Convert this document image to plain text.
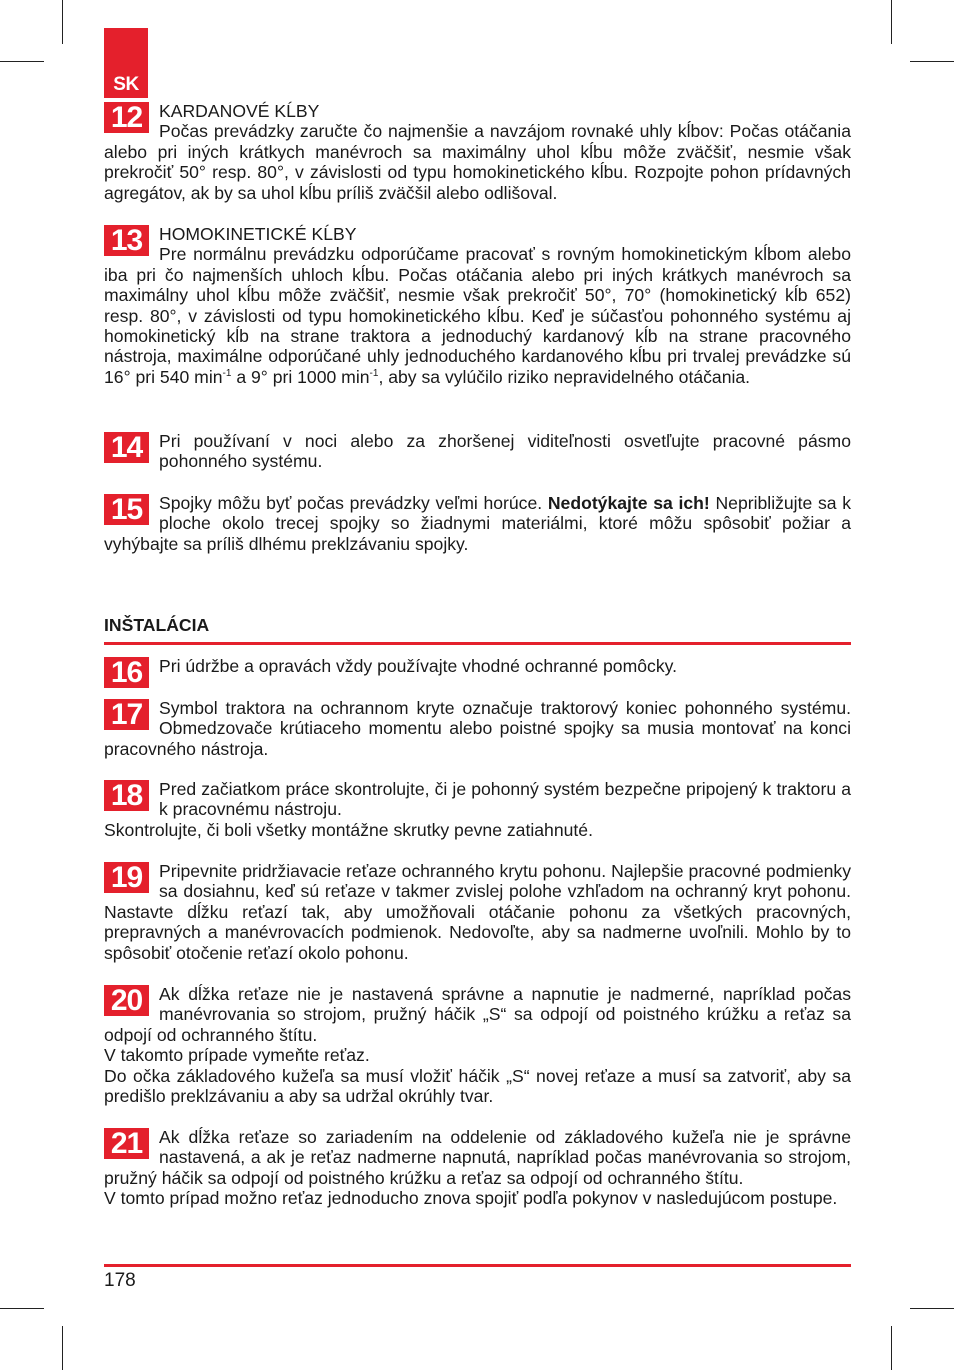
SK
12 KARDANOVÉ KĹBY

Počas prevádzky zaručte čo najmenšie a navzájom rovnaké uhly kĺbov: Počas otáčania alebo pri iných krátkych manévroch sa maximálny uhol kĺbu môže zväčšiť, nesmie však prekročiť 50° resp. 80°, v závislosti od typu homokinetického kĺbu. Rozpojte pohon prídavných agregátov, ak by sa uhol kĺbu príliš zväčšil alebo odlišoval.

13 HOMOKINETICKÉ KĹBY

Pre normálnu prevádzku odporúčame pracovať s rovným homokinetickým kĺbom alebo iba pri čo najmenších uhloch kĺbu. Počas otáčania alebo pri iných krátkych manévroch sa maximálny uhol kĺbu môže zväčšiť, nesmie však prekročiť 50°, 70° (homokinetický kĺb 652) resp. 80°, v závislosti od typu homokinetického kĺbu. Keď je súčasťou pohonného systému aj homokinetický kĺb na strane traktora a jednoduchý kardanový kĺb na strane pracovného nástroja, maximálne odporúčané uhly jednoduchého kardanového kĺbu pri trvalej prevádzke sú 16° pri 540 $\min^{-1} a$ 9° pri 1000 $\min^{-1}$, aby sa vylúčilo riziko nepravidelného otáčania.

14 Pri používaní v noci alebo za zhoršenej viditeľnosti osvetľujte pracovné pásmo pohonného systému.

15 Spojky môžu byť počas prevádzky veľmi horúce. Nedotýkajte sa ich! Nepribližujte sa k ploche okolo trecej spojky so žiadnymi materiálmi, ktoré môžu spôsobiť požiar a vyhýbajte sa príliš dlhému preklzávaniu spojky.

INŠTALÁCIA
16 Pri údržbe a opravách vždy používajte vhodné ochranné pomôcky.

17 Symbol traktora na ochrannom kryte označuje traktorový koniec pohonného systému. Obmedzovače krútiaceho momentu alebo poistné spojky sa musia montovať na konci pracovného nástroja.

18 Pred začiatkom práce skontrolujte, či je pohonný systém bezpečne pripojený k traktoru a k pracovnému nástroju.

Skontrolujte, či boli všetky montážne skrutky pevne zatiahnuté.

19 Pripevnite pridržiavacie reťaze ochranného krytu pohonu. Najlepšie pracovné podmienky sa dosiahnu, keď sú reťaze v takmer zvislej polohe vzhľadom na ochranný kryt pohonu. Nastavte dĺžku reťazí tak, aby umožňovali otáčanie pohonu za všetkých pracovných, prepravných a manévrovacích podmienok. Nedovoľte, aby sa nadmerne uvoľnili. Mohlo by to spôsobiť otočenie reťazí okolo pohonu.

20 Ak dĺžka reťaze nie je nastavená správne a napnutie je nadmerné, napríklad počas manévrovania so strojom, pružný háčik „S“ sa odpojí od poistného krúžku a reťaz sa odpojí od ochranného štítu.

V takomto prípade vymeňte reťaz.

Do očka základového kužeľa sa musí vložiť háčik „S“ novej reťaze a musí sa zatvoriť, aby sa predišlo preklzávaniu a aby sa udržal okrúhly tvar.

21 Ak dĺžka reťaze so zariadením na oddelenie od základového kužeľa nie je správne nastavená, a ak je reťaz nadmerne napnutá, napríklad počas manévrovania so strojom, pružný háčik sa odpojí od poistného krúžku a reťaz sa odpojí od ochranného štítu.

V tomto prípad možno reťaz jednoducho znova spojiť podľa pokynov v nasledujúcom postupe.

178
